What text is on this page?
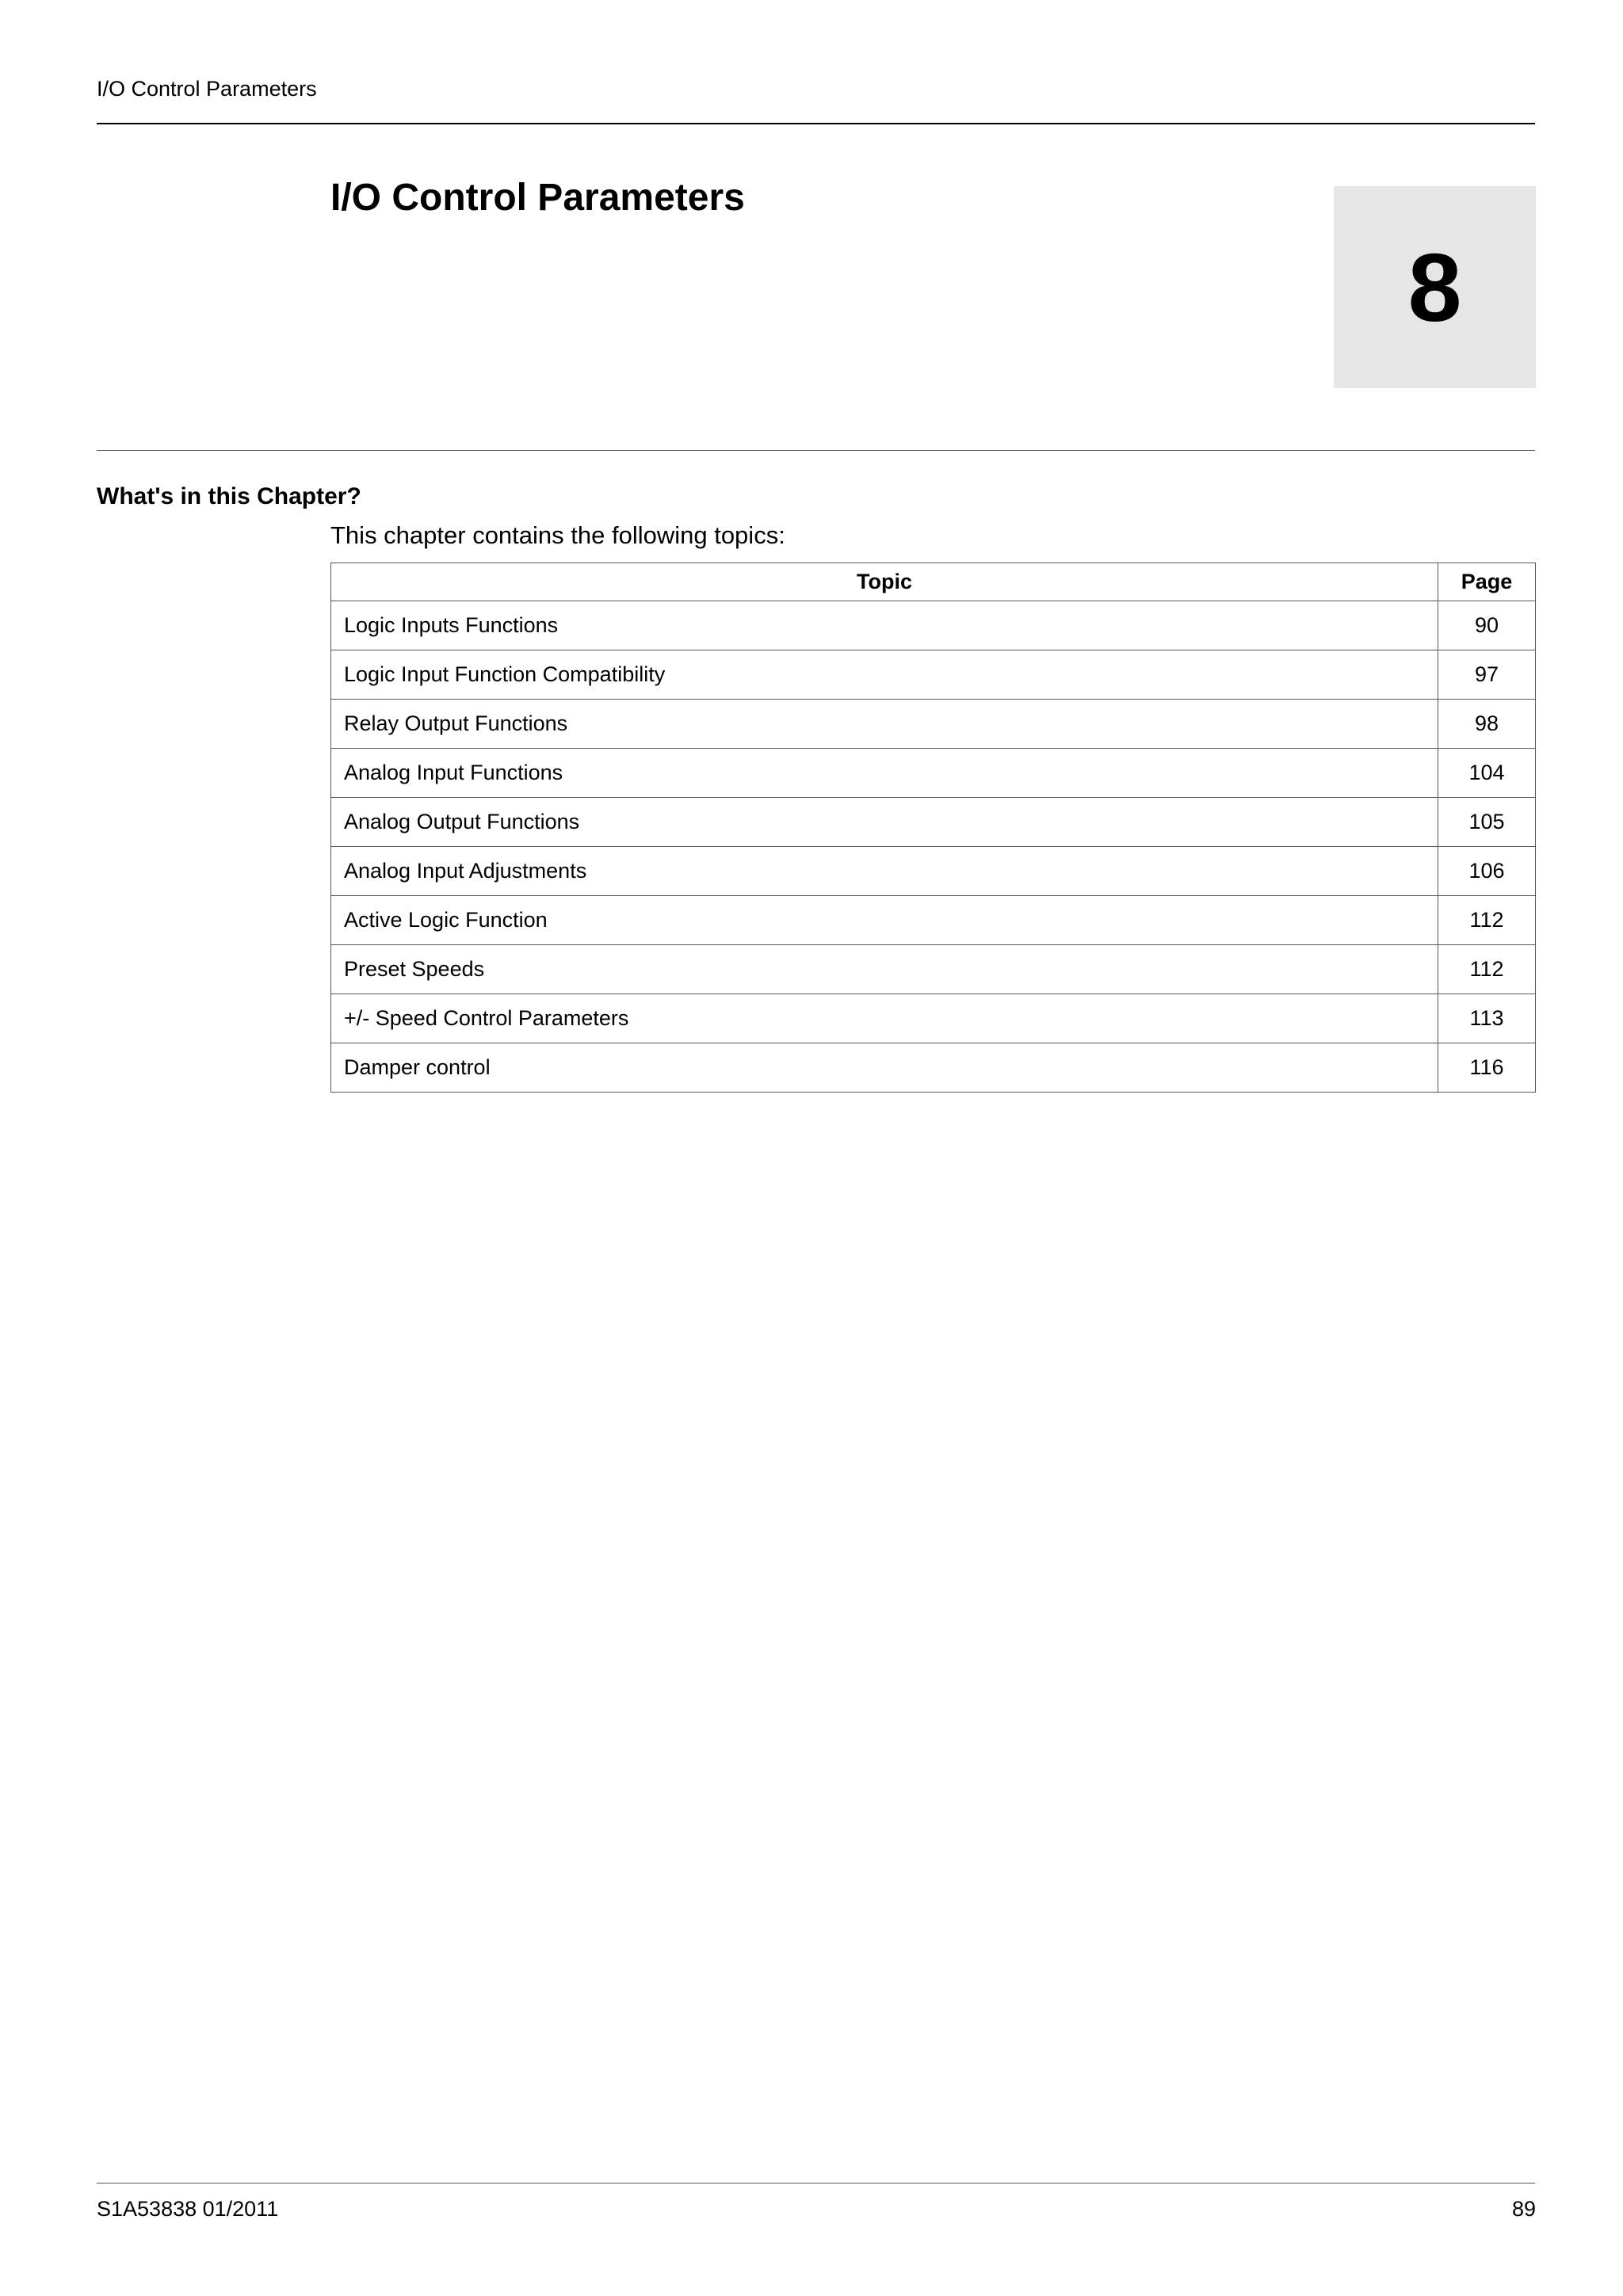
I/O Control Parameters
I/O Control Parameters
8
What's in this Chapter?
This chapter contains the following topics:
Topic	Page
Logic Inputs Functions	90
Logic Input Function Compatibility	97
Relay Output Functions	98
Analog Input Functions	104
Analog Output Functions	105
Analog Input Adjustments	106
Active Logic Function	112
Preset Speeds	112
+/- Speed Control Parameters	113
Damper control	116
S1A53838 01/2011	89
